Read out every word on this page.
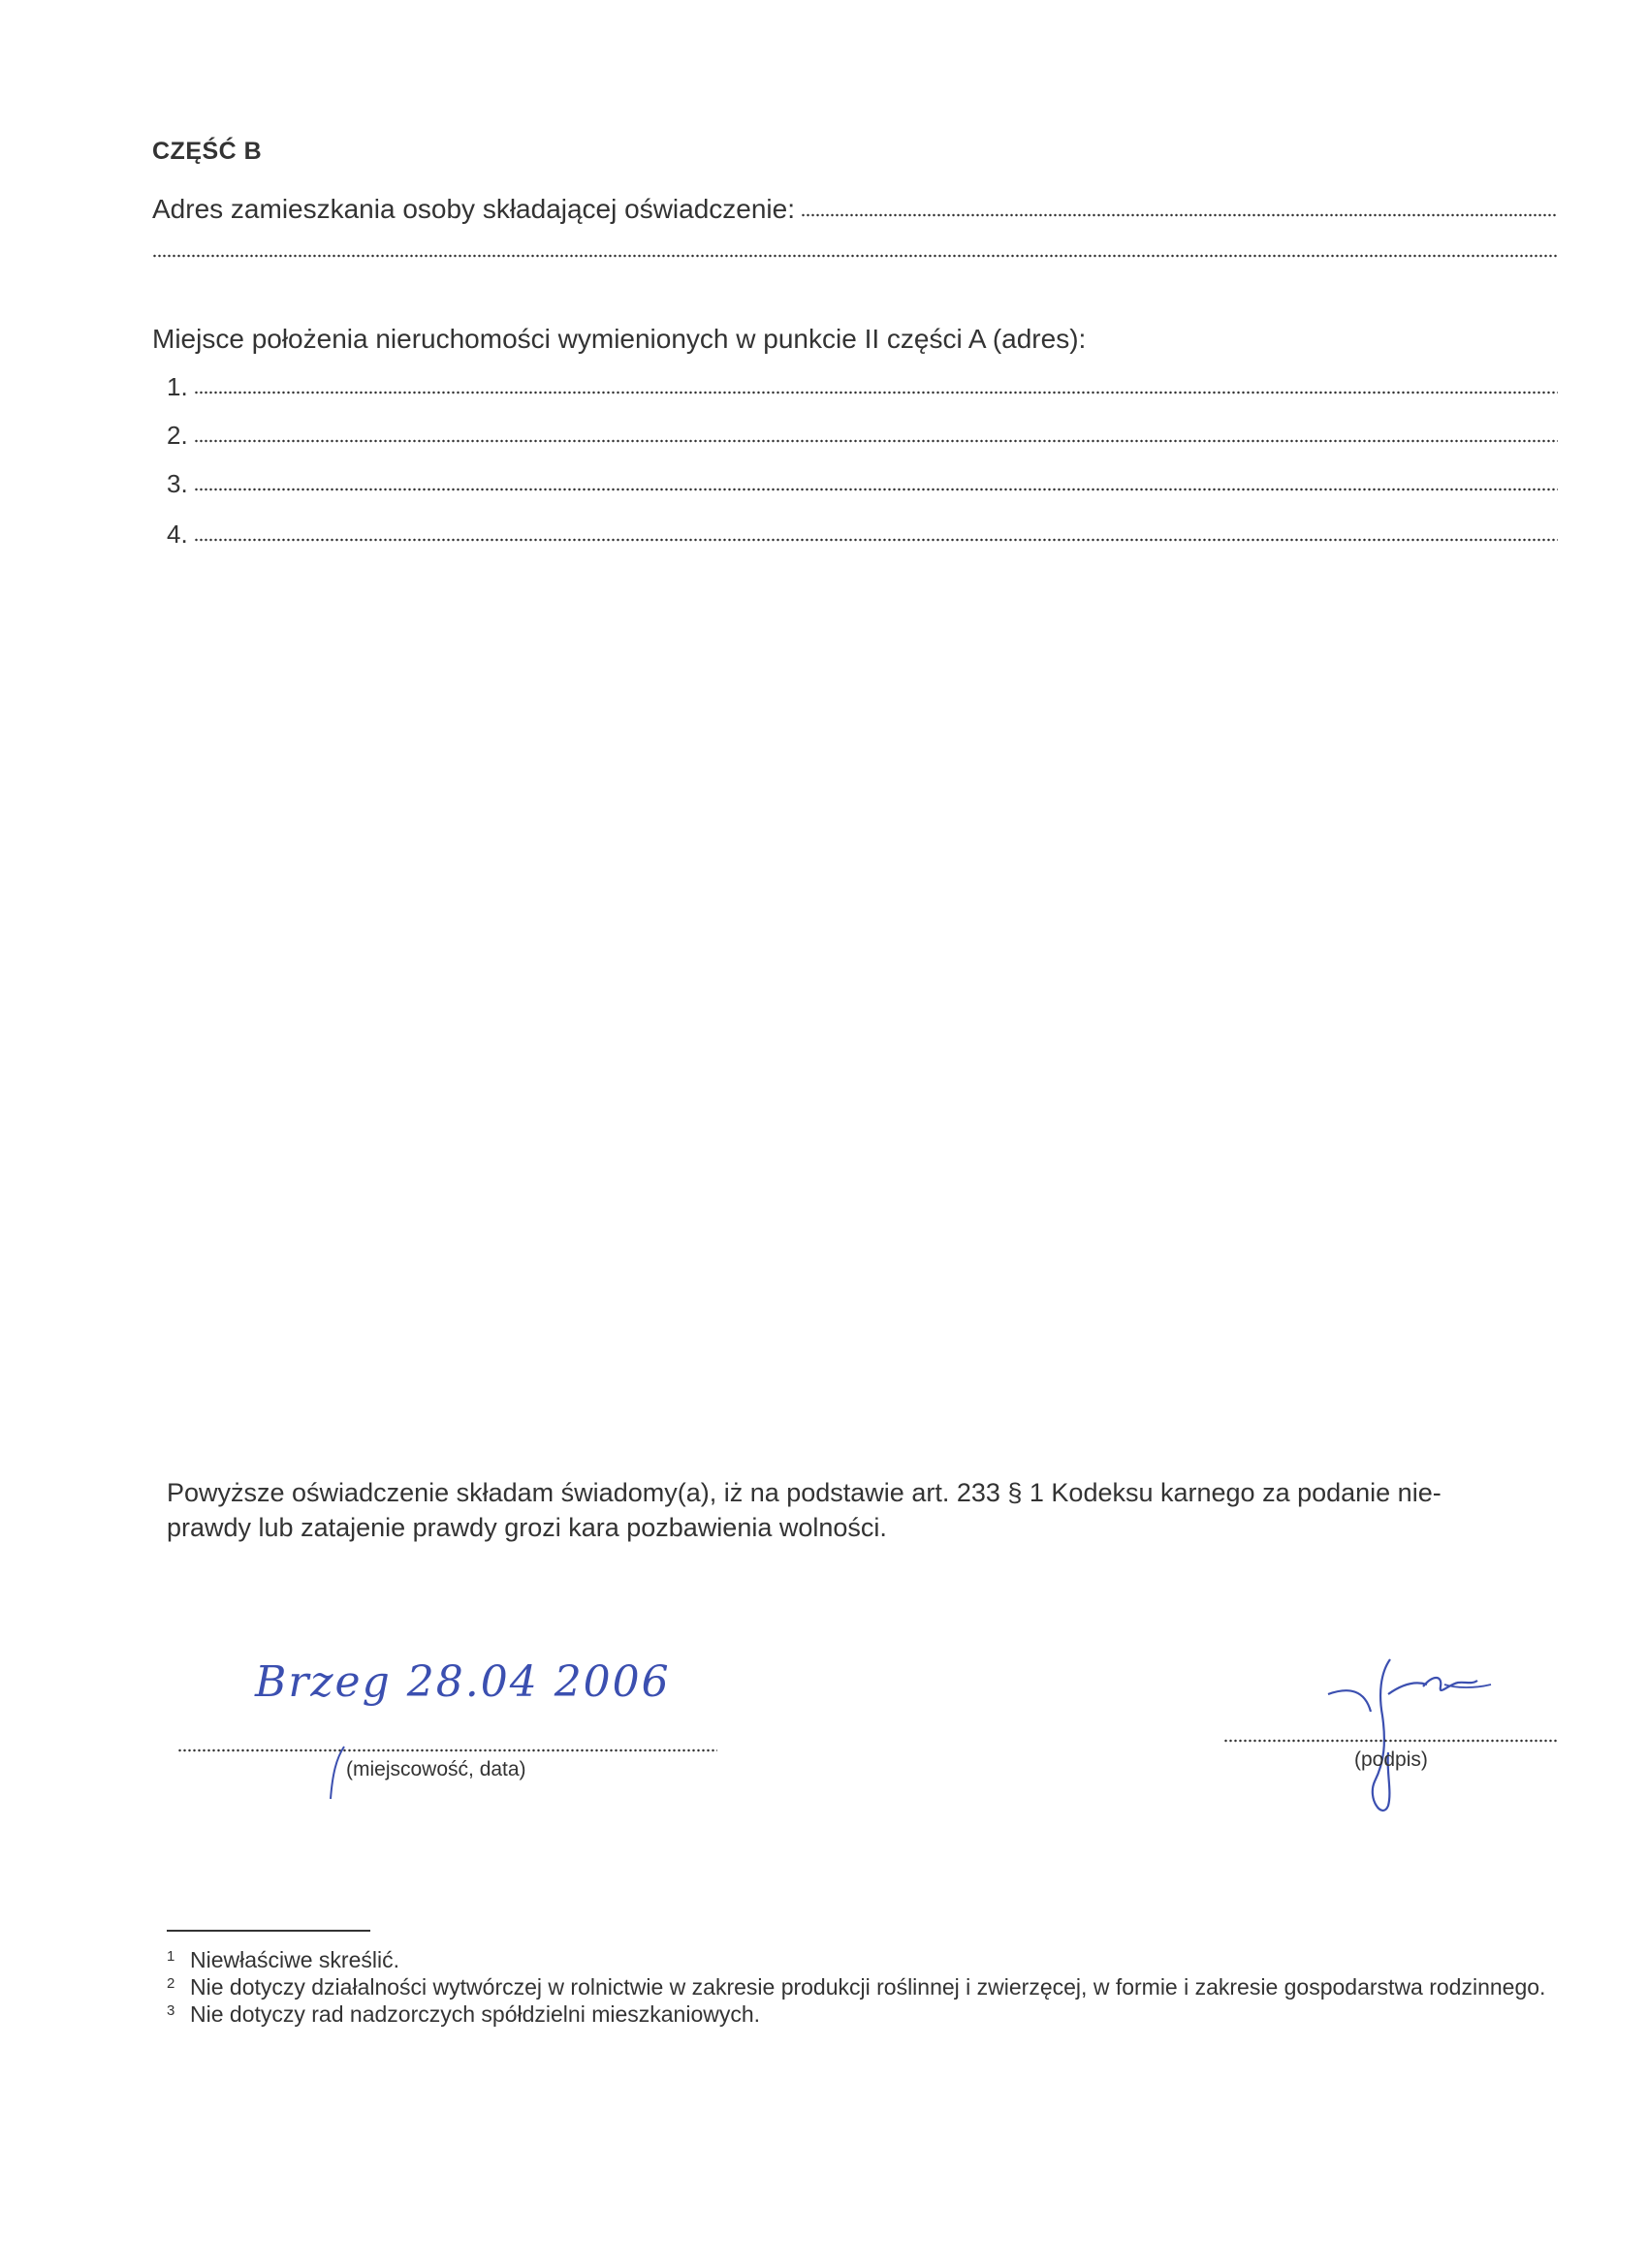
CZĘŚĆ B
Adres zamieszkania osoby składającej oświadczenie:
Miejsce położenia nieruchomości wymienionych w punkcie II części A (adres):
1.
2.
3.
4.
Powyższe oświadczenie składam świadomy(a), iż na podstawie art. 233 § 1 Kodeksu karnego za podanie nie-
prawdy lub zatajenie prawdy grozi kara pozbawienia wolności.
Brzeg 28.04 2006
(miejscowość, data)	(podpis)
1 Niewłaściwe skreślić.
2 Nie dotyczy działalności wytwórczej w rolnictwie w zakresie produkcji roślinnej i zwierzęcej, w formie i zakresie gospodarstwa rodzinnego.
3 Nie dotyczy rad nadzorczych spółdzielni mieszkaniowych.
